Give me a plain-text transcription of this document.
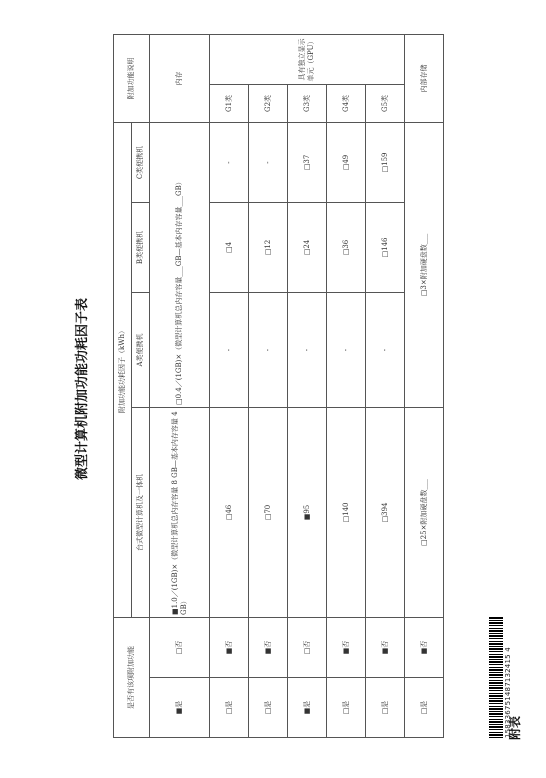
微型计算机附加功能功耗因子表
是否有该项附加功能		附加功能功耗因子（kWh）				附加功能说明	
		台式微型计算机及一体机	A类便携机	B类便携机	C类便携机		
■是	□否	■1.0／(1GB)×（微型计算机总内存容量 8 GB—基本内存容量 4 GB）	□0.4／(1GB)×（微型计算机总内存容量___GB—基本内存容量___GB）			内存	
□是	■否	□46	-	□4	-	G1类	具有独立显示单元（GPU）
□是	■否	□70	-	□12	-	G2类	
■是	□否	■95	-	□24	□37	G3类	
□是	■否	□140	-	□36	□49	G4类	
□是	■否	□394	-	□146	□159	G5类	
□是	■否	□25×附加硬盘数___	□3×附加硬盘数___			内部存储	
158336751487132415 4
附表
